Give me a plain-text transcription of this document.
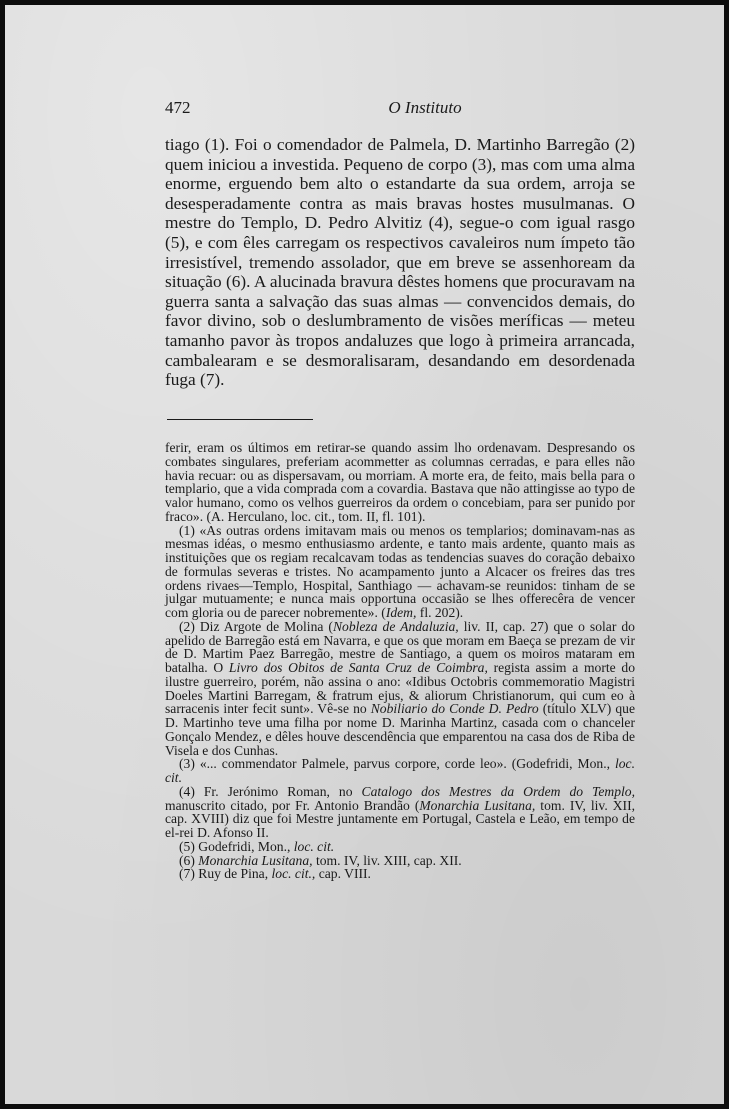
472	O Instituto

tiago (1). Foi o comendador de Palmela, D. Martinho Barregão (2) quem iniciou a investida. Pequeno de corpo (3), mas com uma alma enorme, erguendo bem alto o estandarte da sua ordem, arroja se desesperadamente contra as mais bravas hostes musulmanas. O mestre do Templo, D. Pedro Alvitiz (4), segue-o com igual rasgo (5), e com êles carregam os respectivos cavaleiros num ímpeto tão irresistível, tremendo assolador, que em breve se assenhoream da situação (6). A alucinada bravura dêstes homens que procuravam na guerra santa a salvação das suas almas — convencidos demais, do favor divino, sob o deslumbramento de visões meríficas — meteu tamanho pavor às tropos andaluzes que logo à primeira arrancada, cambalearam e se desmoralisaram, desandando em desordenada fuga (7).

ferir, eram os últimos em retirar-se quando assim lho ordenavam. Despresando os combates singulares, preferiam acommetter as columnas cerradas, e para elles não havia recuar: ou as dispersavam, ou morriam. A morte era, de feito, mais bella para o templario, que a vida comprada com a covardia. Bastava que não attingisse ao typo de valor humano, como os velhos guerreiros da ordem o concebiam, para ser punido por fraco». (A. Herculano, loc. cit., tom. II, fl. 101).

(1) «As outras ordens imitavam mais ou menos os templarios; dominavam-nas as mesmas idéas, o mesmo enthusiasmo ardente, e tanto mais ardente, quanto mais as instituições que os regiam recalcavam todas as tendencias suaves do coração debaixo de formulas severas e tristes. No acampamento junto a Alcacer os freires das tres ordens rivaes—Templo, Hospital, Santhiago — achavam-se reunidos: tinham de se julgar mutuamente; e nunca mais opportuna occasião se lhes offerecêra de vencer com gloria ou de parecer nobremente». (Idem, fl. 202).

(2) Diz Argote de Molina (Nobleza de Andaluzia, liv. II, cap. 27) que o solar do apelido de Barregão está em Navarra, e que os que moram em Baeça se prezam de vir de D. Martim Paez Barregão, mestre de Santiago, a quem os moiros mataram em batalha. O Livro dos Obitos de Santa Cruz de Coimbra, regista assim a morte do ilustre guerreiro, porém, não assina o ano: «Idibus Octobris commemoratio Magistri Doeles Martini Barregam, & fratrum ejus, & aliorum Christianorum, qui cum eo à sarracenis inter fecit sunt». Vê-se no Nobiliario do Conde D. Pedro (título XLV) que D. Martinho teve uma filha por nome D. Marinha Martinz, casada com o chanceler Gonçalo Mendez, e dêles houve descendência que emparentou na casa dos de Riba de Visela e dos Cunhas.

(3) «... commendator Palmele, parvus corpore, corde leo». (Godefridi, Mon., loc. cit.

(4) Fr. Jerónimo Roman, no Catalogo dos Mestres da Ordem do Templo, manuscrito citado, por Fr. Antonio Brandão (Monarchia Lusitana, tom. IV, liv. XII, cap. XVIII) diz que foi Mestre juntamente em Portugal, Castela e Leão, em tempo de el-rei D. Afonso II.

(5) Godefridi, Mon., loc. cit.

(6) Monarchia Lusitana, tom. IV, liv. XIII, cap. XII.

(7) Ruy de Pina, loc. cit., cap. VIII.
